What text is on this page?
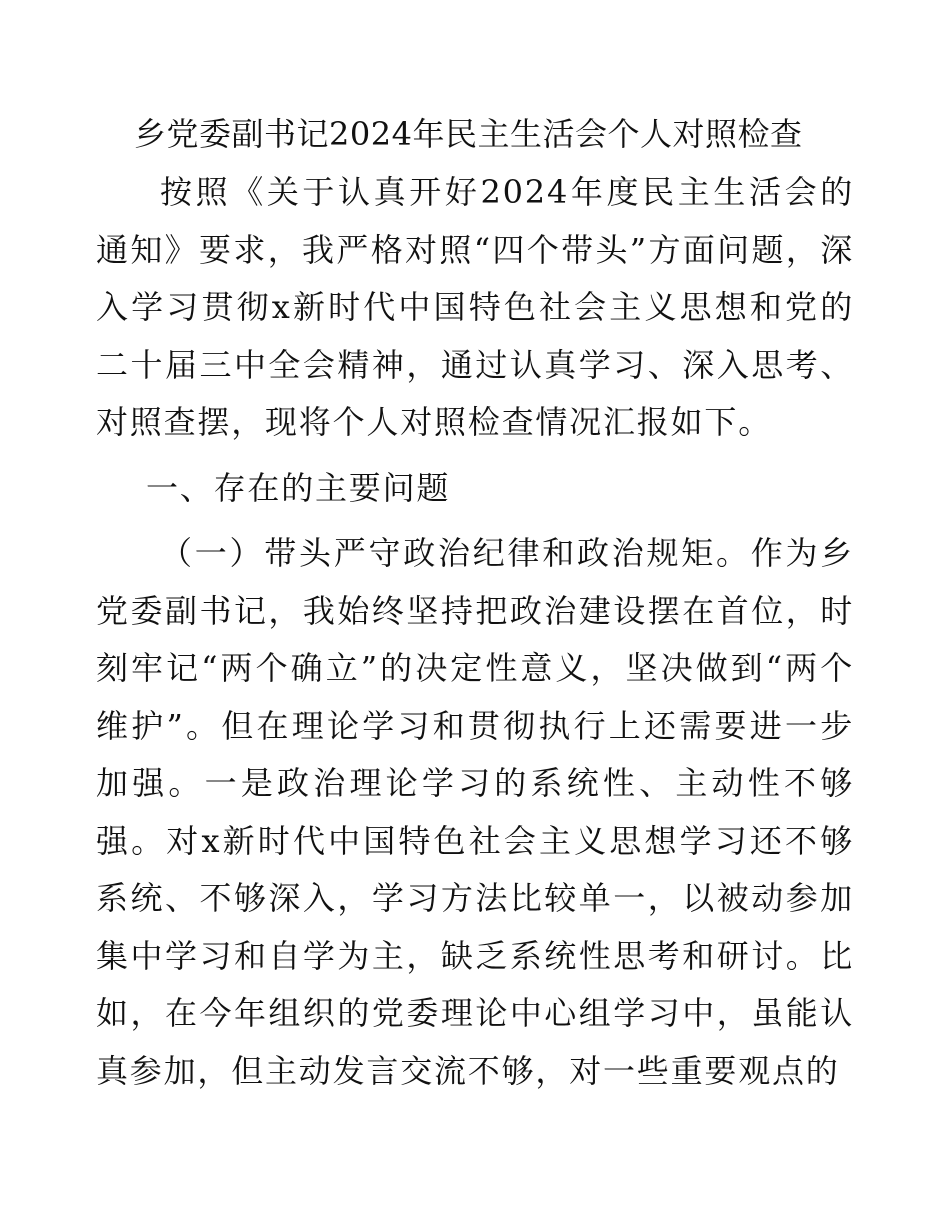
乡党委副书记2024年民主生活会个人对照检查

按照《关于认真开好2024年度民主生活会的通知》要求，我严格对照“四个带头”方面问题，深入学习贯彻x新时代中国特色社会主义思想和党的二十届三中全会精神，通过认真学习、深入思考、对照查摆，现将个人对照检查情况汇报如下。

一、存在的主要问题

（一）带头严守政治纪律和政治规矩。作为乡党委副书记，我始终坚持把政治建设摆在首位，时刻牢记“两个确立”的决定性意义，坚决做到“两个维护”。但在理论学习和贯彻执行上还需要进一步加强。一是政治理论学习的系统性、主动性不够强。对x新时代中国特色社会主义思想学习还不够系统、不够深入，学习方法比较单一，以被动参加集中学习和自学为主，缺乏系统性思考和研讨。比如，在今年组织的党委理论中心组学习中，虽能认真参加，但主动发言交流不够，对一些重要观点的
